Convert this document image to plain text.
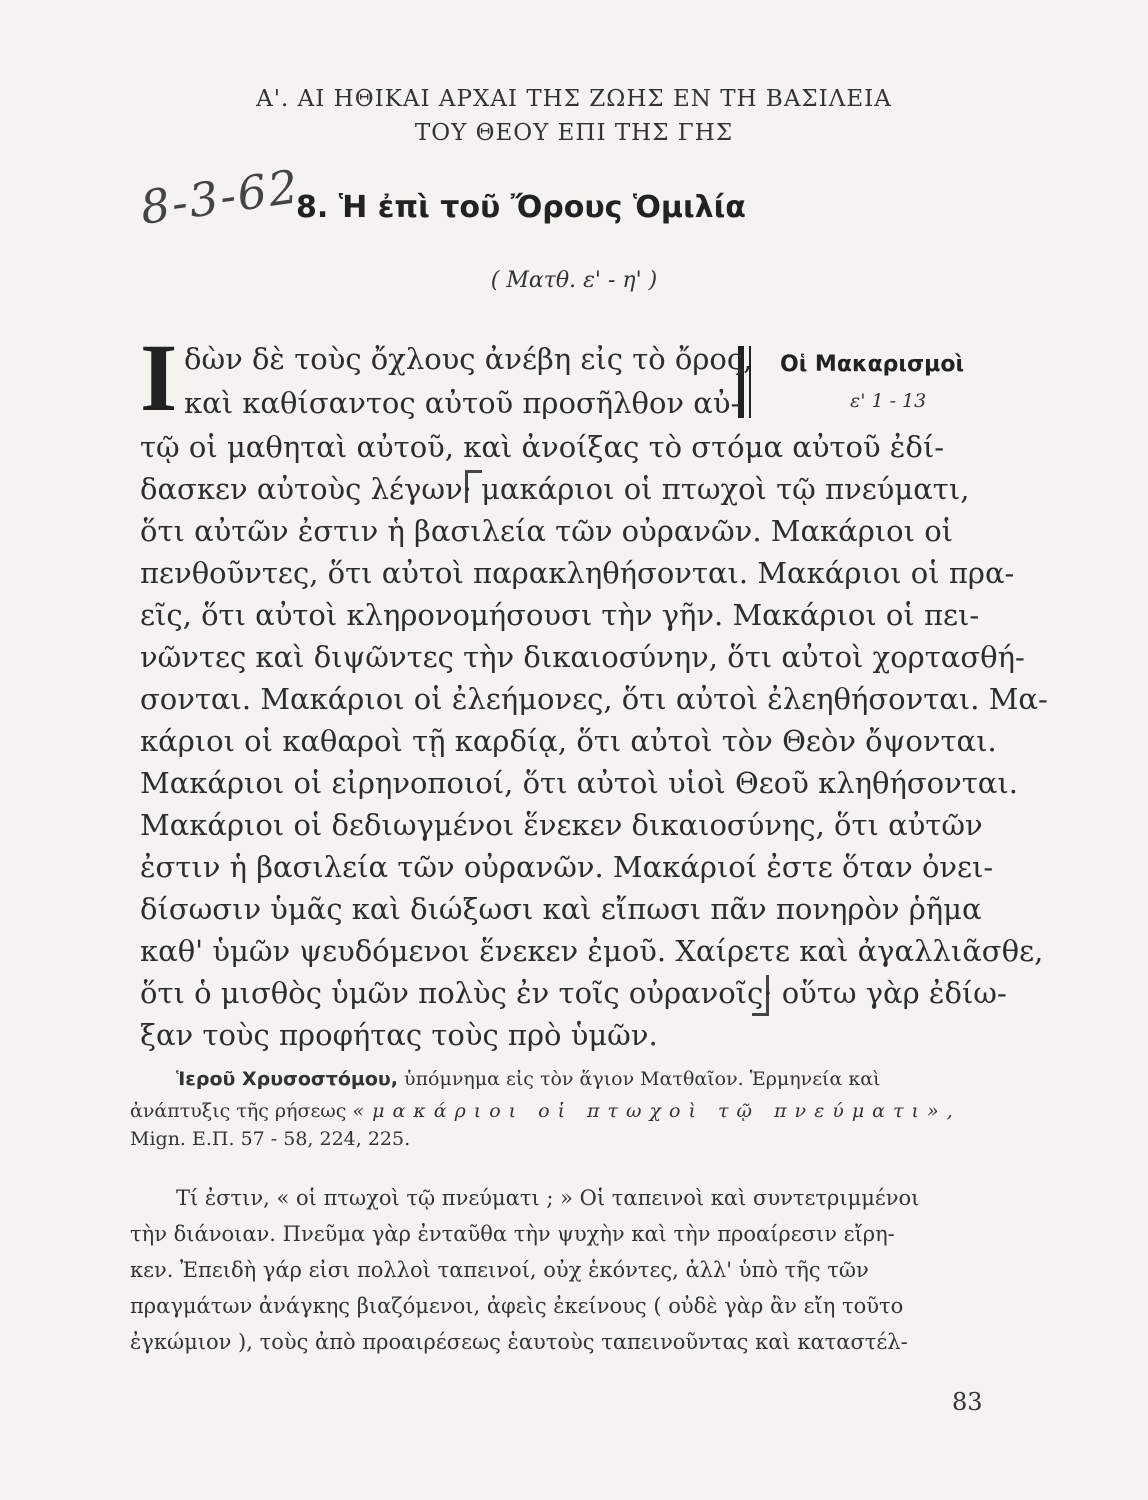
Α'. ΑΙ ΗΘΙΚΑΙ ΑΡΧΑΙ ΤΗΣ ΖΩΗΣ ΕΝ ΤΗ ΒΑΣΙΛΕΙΑ
ΤΟΥ ΘΕΟΥ ΕΠΙ ΤΗΣ ΓΗΣ
8-3-62
8. Ἡ ἐπὶ τοῦ Ὄρους Ὁμιλία
( Ματθ. ε' - η' )
Ι	Οἱ Μακαρισμοὶ
ε' 1 - 13
δὼν δὲ τοὺς ὄχλους ἀνέβη εἰς τὸ ὄρος,
καὶ καθίσαντος αὐτοῦ προσῆλθον αὐ-
τῷ οἱ μαθηταὶ αὐτοῦ, καὶ ἀνοίξας τὸ στόμα αὐτοῦ ἐδί-
δασκεν αὐτοὺς λέγων· μακάριοι οἱ πτωχοὶ τῷ πνεύματι,
ὅτι αὐτῶν ἐστιν ἡ βασιλεία τῶν οὐρανῶν. Μακάριοι οἱ
πενθοῦντες, ὅτι αὐτοὶ παρακληθήσονται. Μακάριοι οἱ πρα-
εῖς, ὅτι αὐτοὶ κληρονομήσουσι τὴν γῆν. Μακάριοι οἱ πει-
νῶντες καὶ διψῶντες τὴν δικαιοσύνην, ὅτι αὐτοὶ χορτασθή-
σονται. Μακάριοι οἱ ἐλεήμονες, ὅτι αὐτοὶ ἐλεηθήσονται. Μα-
κάριοι οἱ καθαροὶ τῇ καρδίᾳ, ὅτι αὐτοὶ τὸν Θεὸν ὄψονται.
Μακάριοι οἱ εἰρηνοποιοί, ὅτι αὐτοὶ υἱοὶ Θεοῦ κληθήσονται.
Μακάριοι οἱ δεδιωγμένοι ἕνεκεν δικαιοσύνης, ὅτι αὐτῶν
ἐστιν ἡ βασιλεία τῶν οὐρανῶν. Μακάριοί ἐστε ὅταν ὀνει-
δίσωσιν ὑμᾶς καὶ διώξωσι καὶ εἴπωσι πᾶν πονηρὸν ῥῆμα
καθ' ὑμῶν ψευδόμενοι ἕνεκεν ἐμοῦ. Χαίρετε καὶ ἀγαλλιᾶσθε,
ὅτι ὁ μισθὸς ὑμῶν πολὺς ἐν τοῖς οὐρανοῖς· οὕτω γὰρ ἐδίω-
ξαν τοὺς προφήτας τοὺς πρὸ ὑμῶν.
Ἱεροῦ Χρυσοστόμου, ὑπόμνημα εἰς τὸν ἅγιον Ματθαῖον. Ἑρμηνεία καὶ
ἀνάπτυξις τῆς ρήσεως «μακάριοι οἱ πτωχοὶ τῷ πνεύματι»,
Mign. Ε.Π. 57 - 58, 224, 225.
Τί ἐστιν, « οἱ πτωχοὶ τῷ πνεύματι ; » Οἱ ταπεινοὶ καὶ συντετριμμένοι
τὴν διάνοιαν. Πνεῦμα γὰρ ἐνταῦθα τὴν ψυχὴν καὶ τὴν προαίρεσιν εἴρη-
κεν. Ἐπειδὴ γάρ εἰσι πολλοὶ ταπεινοί, οὐχ ἑκόντες, ἀλλ' ὑπὸ τῆς τῶν
πραγμάτων ἀνάγκης βιαζόμενοι, ἀφεὶς ἐκείνους ( οὐδὲ γὰρ ἂν εἴη τοῦτο
ἐγκώμιον ), τοὺς ἀπὸ προαιρέσεως ἑαυτοὺς ταπεινοῦντας καὶ καταστέλ-
83
